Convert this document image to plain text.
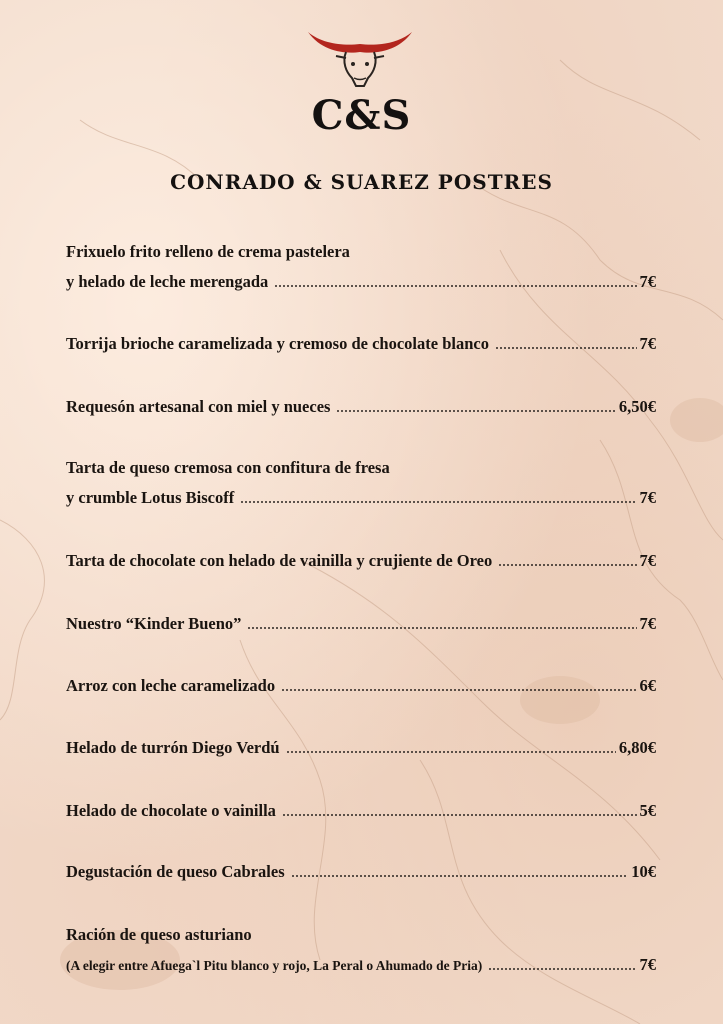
C&S
CONRADO & SUAREZ POSTRES
Frixuelo frito relleno de crema pastelera
y helado de leche merengada	7€
Torrija brioche caramelizada y cremoso de chocolate blanco	7€
Requesón artesanal con miel y nueces	6,50€
Tarta de queso cremosa con confitura de fresa
y crumble Lotus Biscoff	7€
Tarta de chocolate con helado de vainilla y crujiente de Oreo	7€
Nuestro “Kinder Bueno”	7€
Arroz con leche caramelizado	6€
Helado de turrón Diego Verdú	6,80€
Helado de chocolate o vainilla	5€
Degustación de queso Cabrales	10€
Ración de queso asturiano
(A elegir entre Afuega`l Pitu blanco y rojo, La Peral o Ahumado de Pria)	7€
